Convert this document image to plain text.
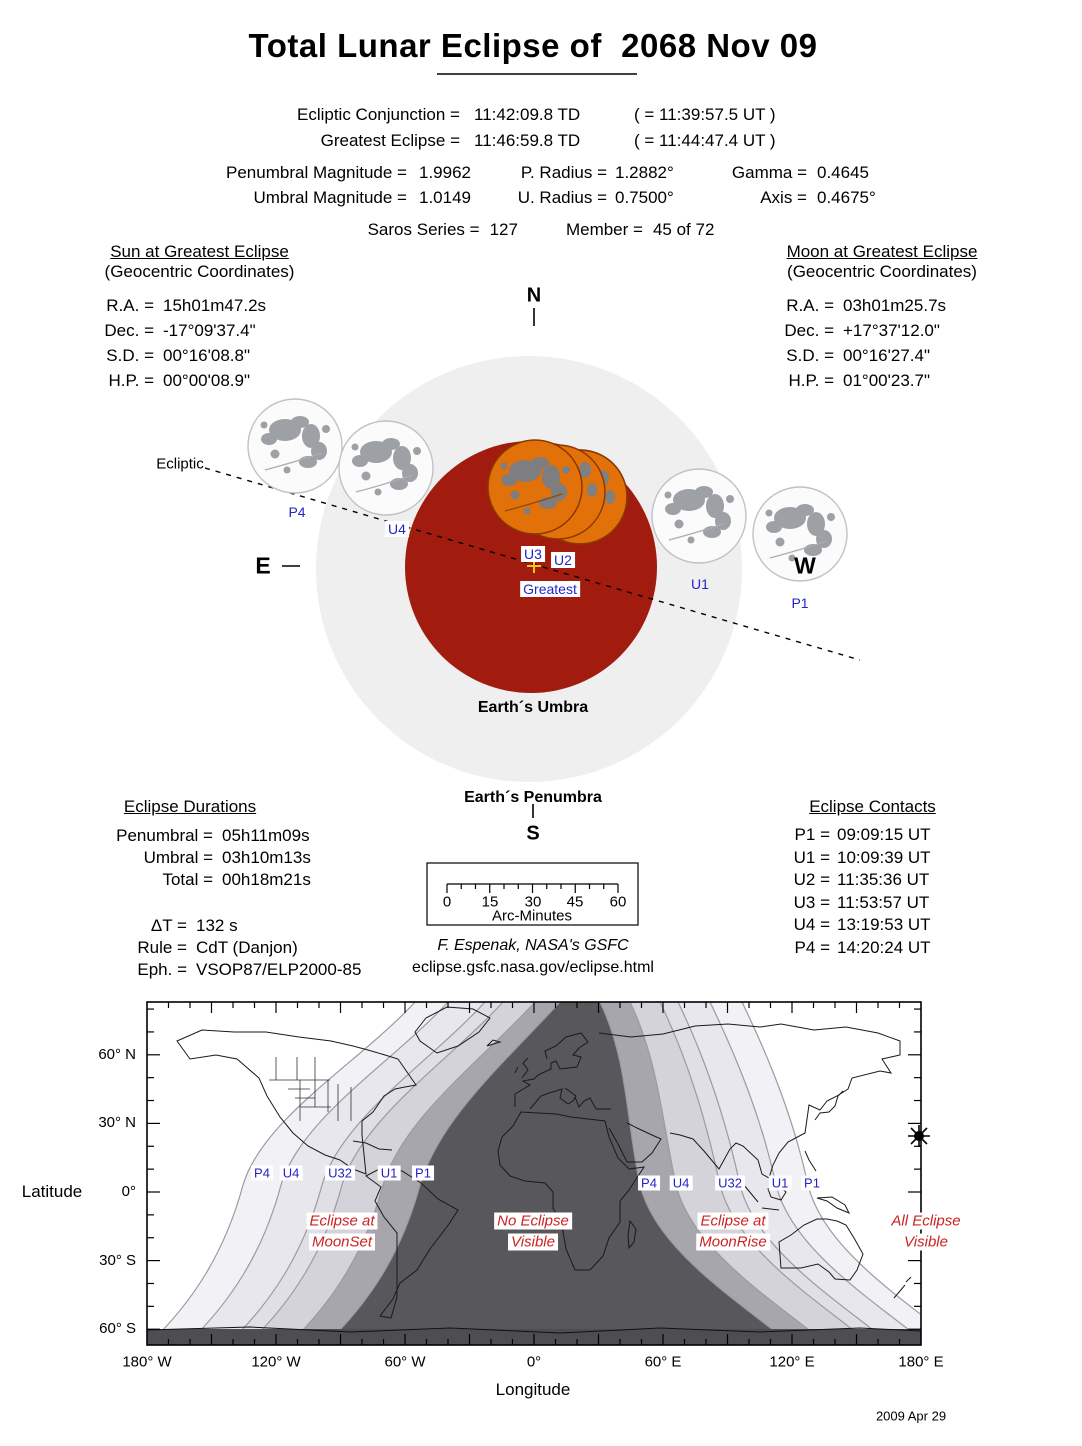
Total Lunar Eclipse of  2068 Nov 09
Ecliptic Conjunction = 11:42:09.8 TD	( = 11:39:57.5 UT )
Greatest Eclipse = 11:46:59.8 TD	( = 11:44:47.4 UT )
Penumbral Magnitude = 1.9962	P. Radius = 1.2882°	Gamma = 0.4645
Umbral Magnitude = 1.0149	U. Radius = 0.7500°	Axis = 0.4675°
Saros Series = 127	Member = 45 of 72
Sun at Greatest Eclipse
(Geocentric Coordinates)
R.A. = 15h01m47.2s
Dec. = -17°09'37.4"
S.D. = 00°16'08.8"
H.P. = 00°00'08.9"
Moon at Greatest Eclipse
(Geocentric Coordinates)
R.A. = 03h01m25.7s
Dec. = +17°37'12.0"
S.D. = 00°16'27.4"
H.P. = 01°00'23.7"
N
S
E	W
Ecliptic
P4
U4
U3 U2
Greatest	U1
P1
Earth´s Umbra
Earth´s Penumbra
0 15 30 45 60
Arc-Minutes
F. Espenak, NASA's GSFC
eclipse.gsfc.nasa.gov/eclipse.html
Eclipse Durations
Penumbral = 05h11m09s
Umbral = 03h10m13s
Total = 00h18m21s
ΔT = 132 s
Rule = CdT (Danjon)
Eph. = VSOP87/ELP2000-85
Eclipse Contacts
P1 = 09:09:15 UT
U1 = 10:09:39 UT
U2 = 11:35:36 UT
U3 = 11:53:57 UT
U4 = 13:19:53 UT
P4 = 14:20:24 UT
Latitude
60° N
30° N
0°
30° S
60° S
180° W	120° W	60° W	0°	60° E	120° E	180° E
Longitude
P4 U4 U32 U1 P1
P4 U4 U32 U1 P1
Eclipse at
MoonSet
No Eclipse
Visible
Eclipse at
MoonRise
All Eclipse
Visible
2009 Apr 29
